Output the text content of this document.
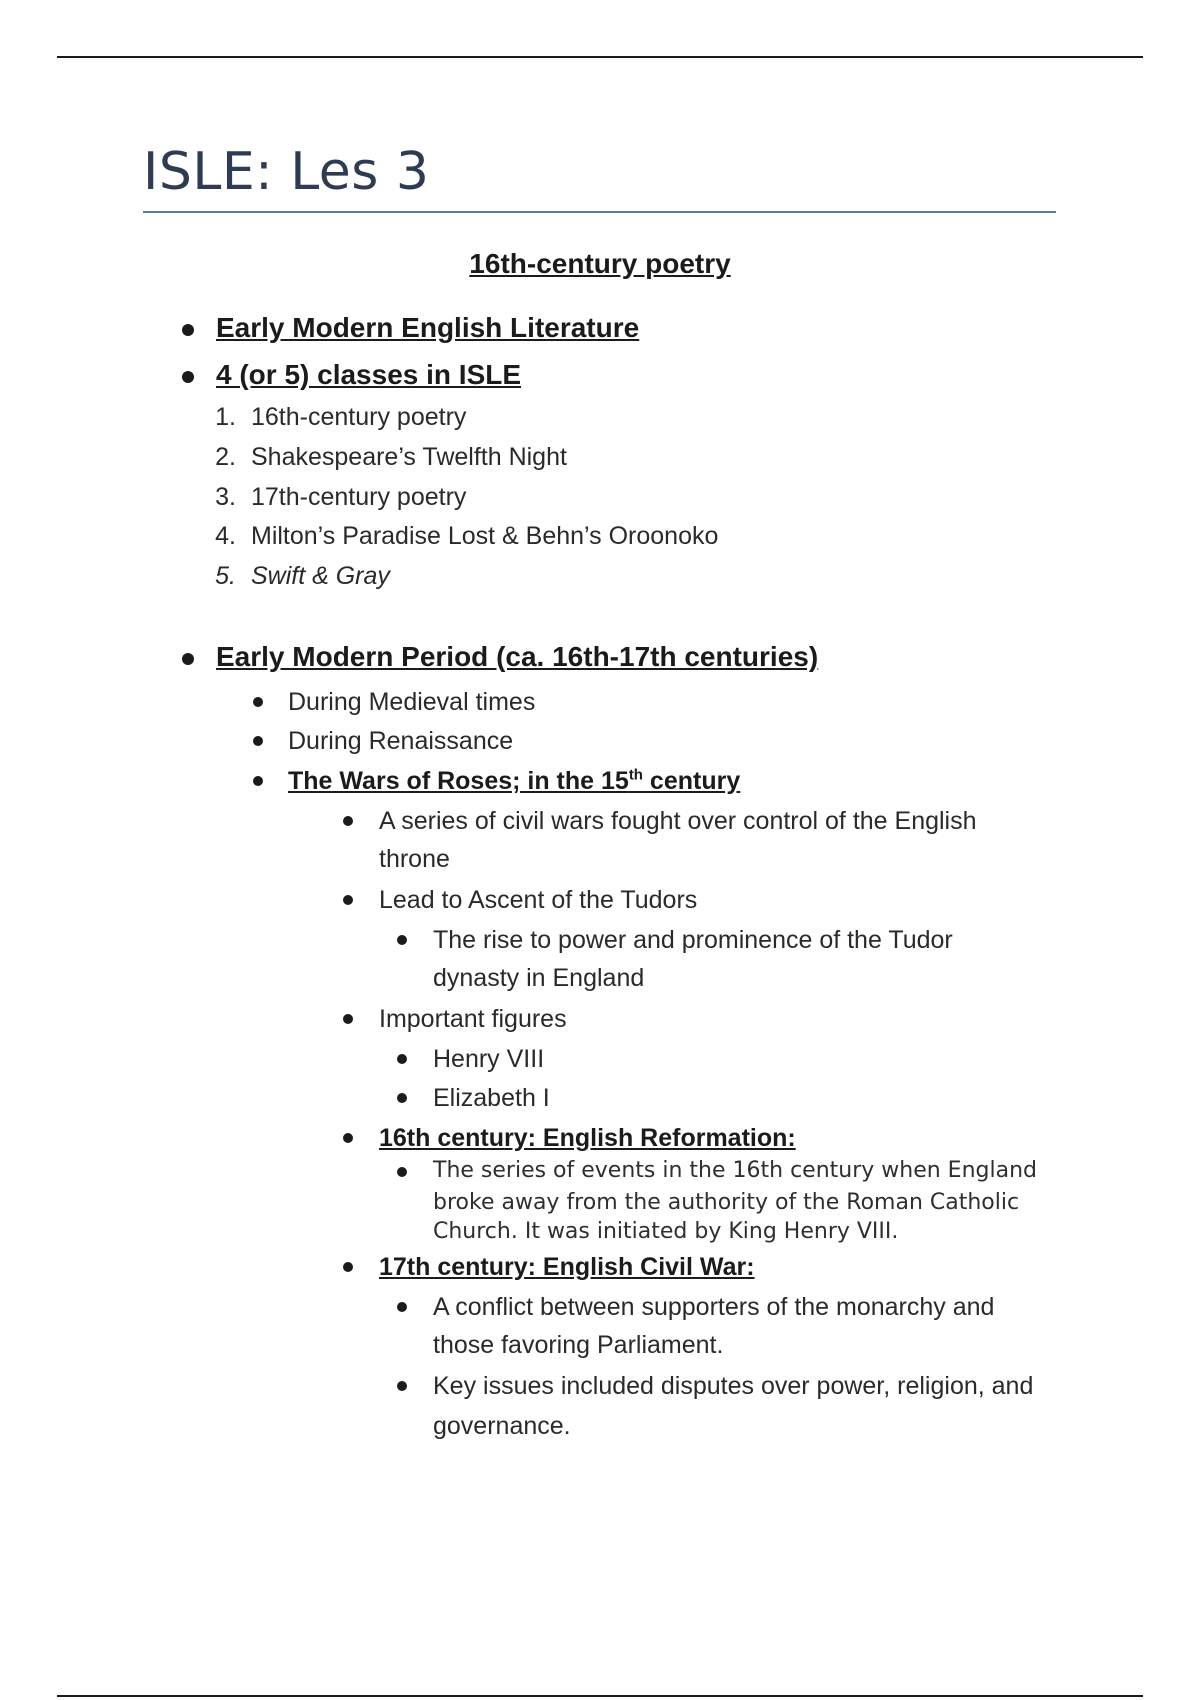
ISLE: Les 3
16th-century poetry
Early Modern English Literature
4 (or 5) classes in ISLE
1. 16th-century poetry
2. Shakespeare’s Twelfth Night
3. 17th-century poetry
4. Milton’s Paradise Lost & Behn’s Oroonoko
5. Swift & Gray
Early Modern Period (ca. 16th-17th centuries)
During Medieval times
During Renaissance
The Wars of Roses; in the 15th century
A series of civil wars fought over control of the English
throne
Lead to Ascent of the Tudors
The rise to power and prominence of the Tudor
dynasty in England
Important figures
Henry VIII
Elizabeth I
16th century: English Reformation:
The series of events in the 16th century when England
broke away from the authority of the Roman Catholic
Church. It was initiated by King Henry VIII.
17th century: English Civil War:
A conflict between supporters of the monarchy and
those favoring Parliament.
Key issues included disputes over power, religion, and
governance.
